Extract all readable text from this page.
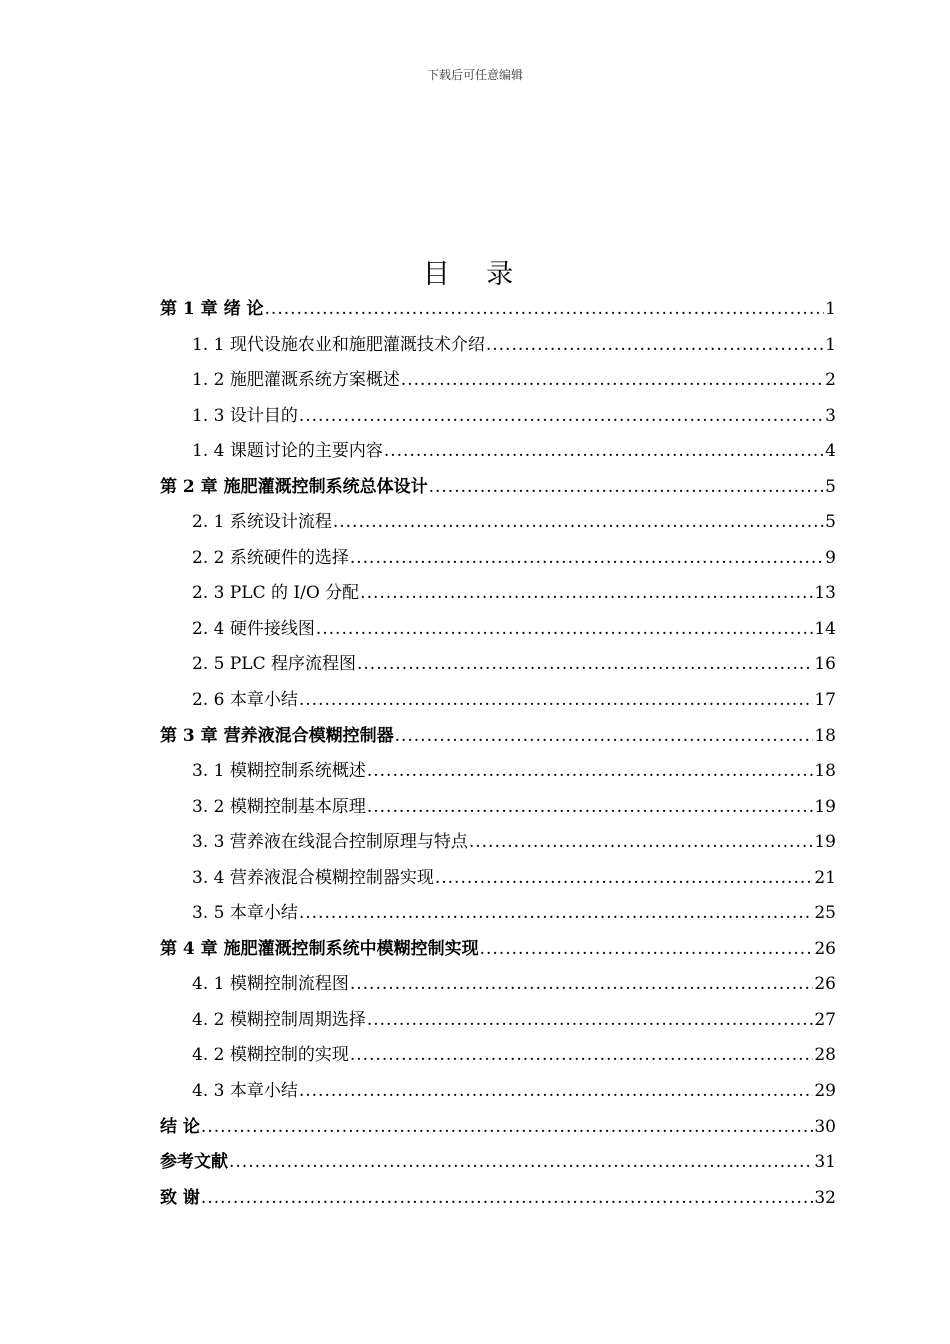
下载后可任意编辑
目 录
第 1 章 绪 论 .....	1
1. 1 现代设施农业和施肥灌溉技术介绍 .....	1
1. 2 施肥灌溉系统方案概述 .....	2
1. 3 设计目的 .....	3
1. 4 课题讨论的主要内容 .....	4
第 2 章 施肥灌溉控制系统总体设计 .....	5
2. 1 系统设计流程 .....	5
2. 2 系统硬件的选择 .....	9
2. 3 PLC 的 I/O 分配 .....	13
2. 4 硬件接线图 .....	14
2. 5 PLC 程序流程图 .....	16
2. 6 本章小结 .....	17
第 3 章 营养液混合模糊控制器 .....	18
3. 1 模糊控制系统概述 .....	18
3. 2 模糊控制基本原理 .....	19
3. 3 营养液在线混合控制原理与特点 .....	19
3. 4 营养液混合模糊控制器实现 .....	21
3. 5 本章小结 .....	25
第 4 章 施肥灌溉控制系统中模糊控制实现 .....	26
4. 1 模糊控制流程图 .....	26
4. 2 模糊控制周期选择 .....	27
4. 2 模糊控制的实现 .....	28
4. 3 本章小结 .....	29
结 论 .....	30
参考文献 .....	31
致 谢 .....	32
